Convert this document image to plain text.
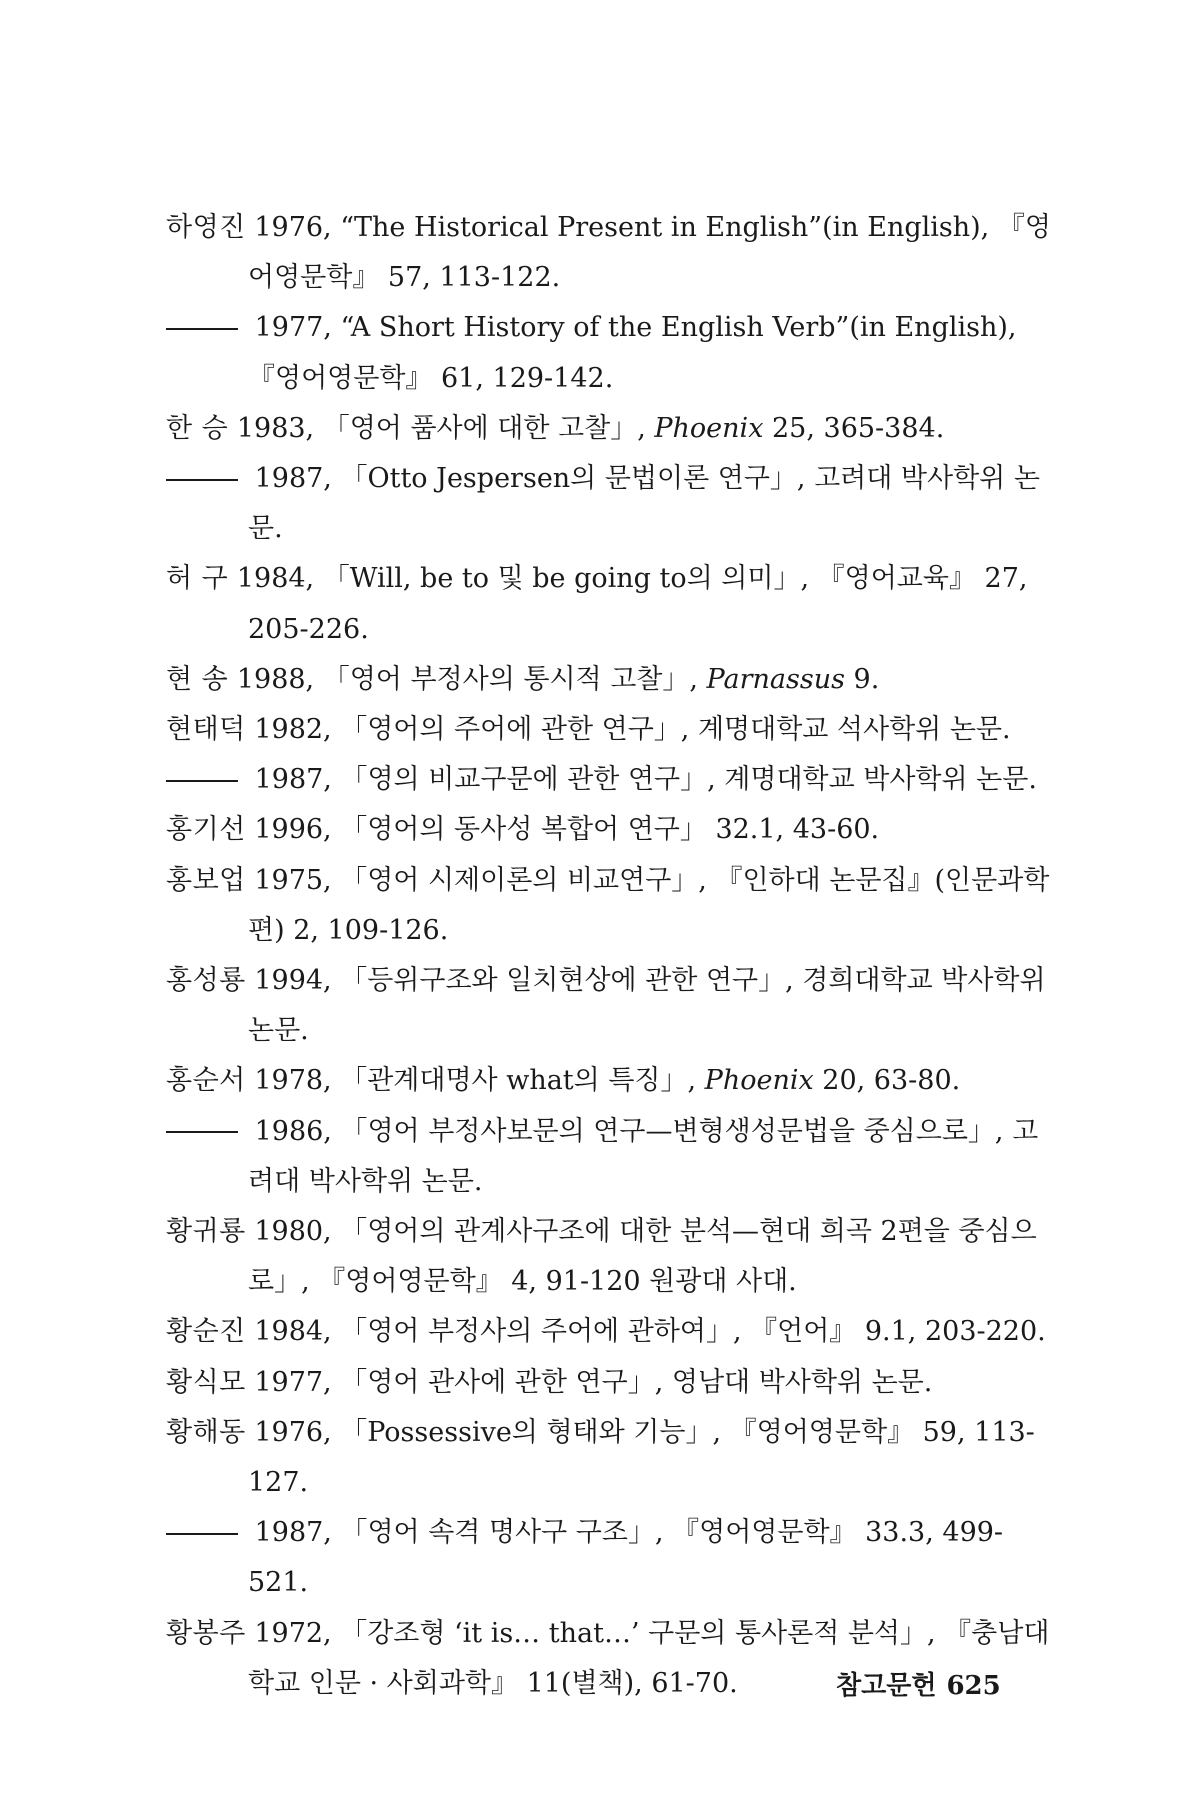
하영진 1976, “The Historical Present in English”(in English), 『영어영문학』 57, 113-122.
1977, “A Short History of the English Verb”(in English), 『영어영문학』 61, 129-142.
한 승 1983, 「영어 품사에 대한 고찰」, Phoenix 25, 365-384.
1987, 「Otto Jespersen의 문법이론 연구」, 고려대 박사학위 논문.
허 구 1984, 「Will, be to 및 be going to의 의미」, 『영어교육』 27, 205-226.
현 송 1988, 「영어 부정사의 통시적 고찰」, Parnassus 9.
현태덕 1982, 「영어의 주어에 관한 연구」, 계명대학교 석사학위 논문.
1987, 「영의 비교구문에 관한 연구」, 계명대학교 박사학위 논문.
홍기선 1996, 「영어의 동사성 복합어 연구」 32.1, 43-60.
홍보업 1975, 「영어 시제이론의 비교연구」, 『인하대 논문집』(인문과학편) 2, 109-126.
홍성룡 1994, 「등위구조와 일치현상에 관한 연구」, 경희대학교 박사학위 논문.
홍순서 1978, 「관계대명사 what의 특징」, Phoenix 20, 63-80.
1986, 「영어 부정사보문의 연구—변형생성문법을 중심으로」, 고려대 박사학위 논문.
황귀룡 1980, 「영어의 관계사구조에 대한 분석—현대 희곡 2편을 중심으로」, 『영어영문학』 4, 91-120 원광대 사대.
황순진 1984, 「영어 부정사의 주어에 관하여」, 『언어』 9.1, 203-220.
황식모 1977, 「영어 관사에 관한 연구」, 영남대 박사학위 논문.
황해동 1976, 「Possessive의 형태와 기능」, 『영어영문학』 59, 113-127.
1987, 「영어 속격 명사구 구조」, 『영어영문학』 33.3, 499-521.
황봉주 1972, 「강조형 ‘it is… that…’ 구문의 통사론적 분석」, 『충남대학교 인문 · 사회과학』 11(별책), 61-70.	참고문헌 625
